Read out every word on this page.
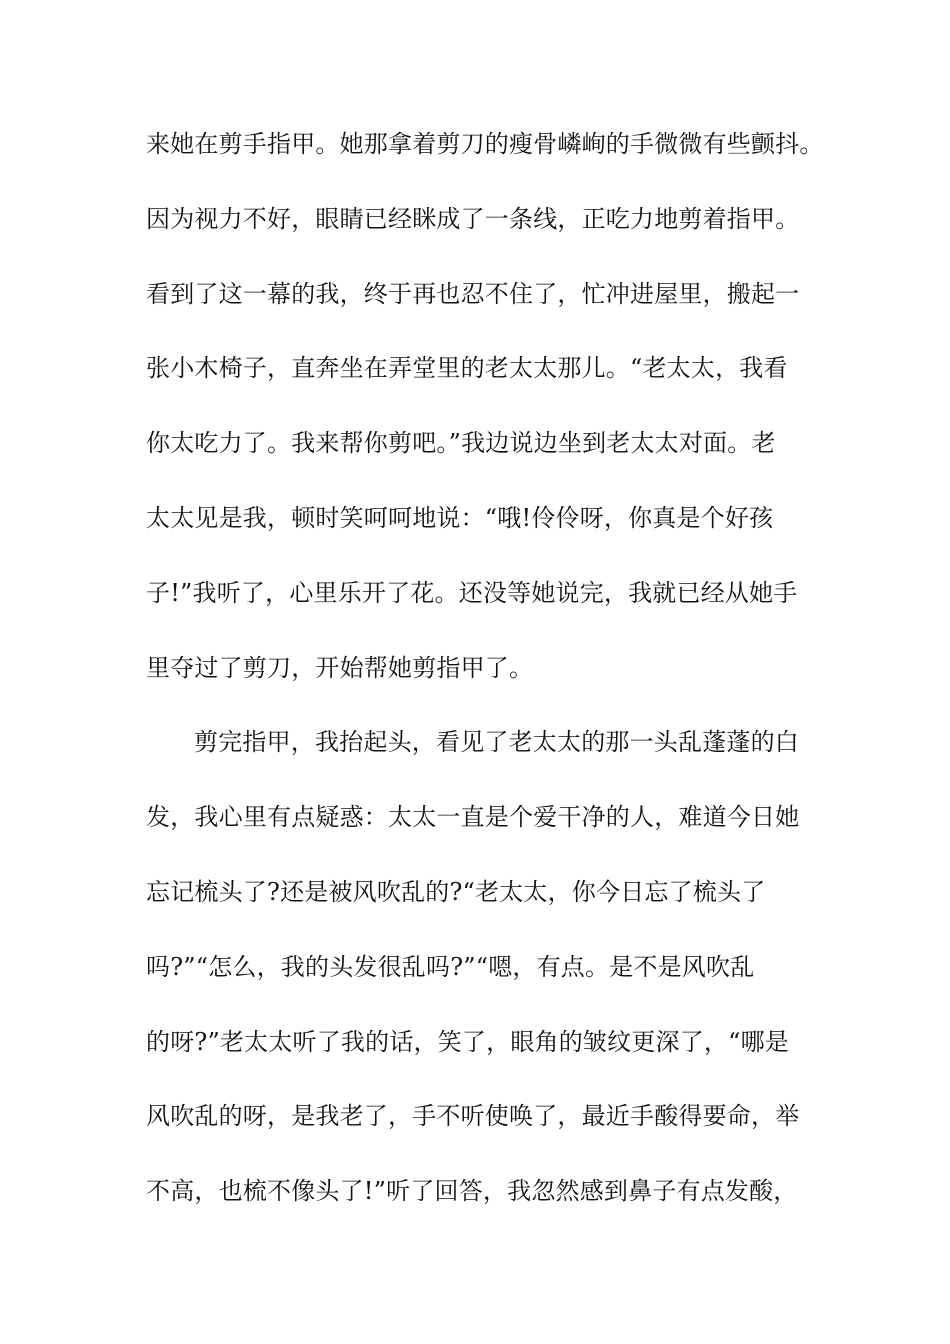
来她在剪手指甲。她那拿着剪刀的瘦骨嶙峋的手微微有些颤抖。
因为视力不好，眼睛已经眯成了一条线，正吃力地剪着指甲。
看到了这一幕的我，终于再也忍不住了，忙冲进屋里，搬起一
张小木椅子，直奔坐在弄堂里的老太太那儿。“老太太，我看
你太吃力了。我来帮你剪吧。”我边说边坐到老太太对面。老
太太见是我，顿时笑呵呵地说：“哦!伶伶呀，你真是个好孩
子!”我听了，心里乐开了花。还没等她说完，我就已经从她手
里夺过了剪刀，开始帮她剪指甲了。
剪完指甲，我抬起头，看见了老太太的那一头乱蓬蓬的白
发，我心里有点疑惑：太太一直是个爱干净的人，难道今日她
忘记梳头了?还是被风吹乱的?“老太太，你今日忘了梳头了
吗?”“怎么，我的头发很乱吗?”“嗯，有点。是不是风吹乱
的呀?”老太太听了我的话，笑了，眼角的皱纹更深了，“哪是
风吹乱的呀，是我老了，手不听使唤了，最近手酸得要命，举
不高，也梳不像头了!”听了回答，我忽然感到鼻子有点发酸，
